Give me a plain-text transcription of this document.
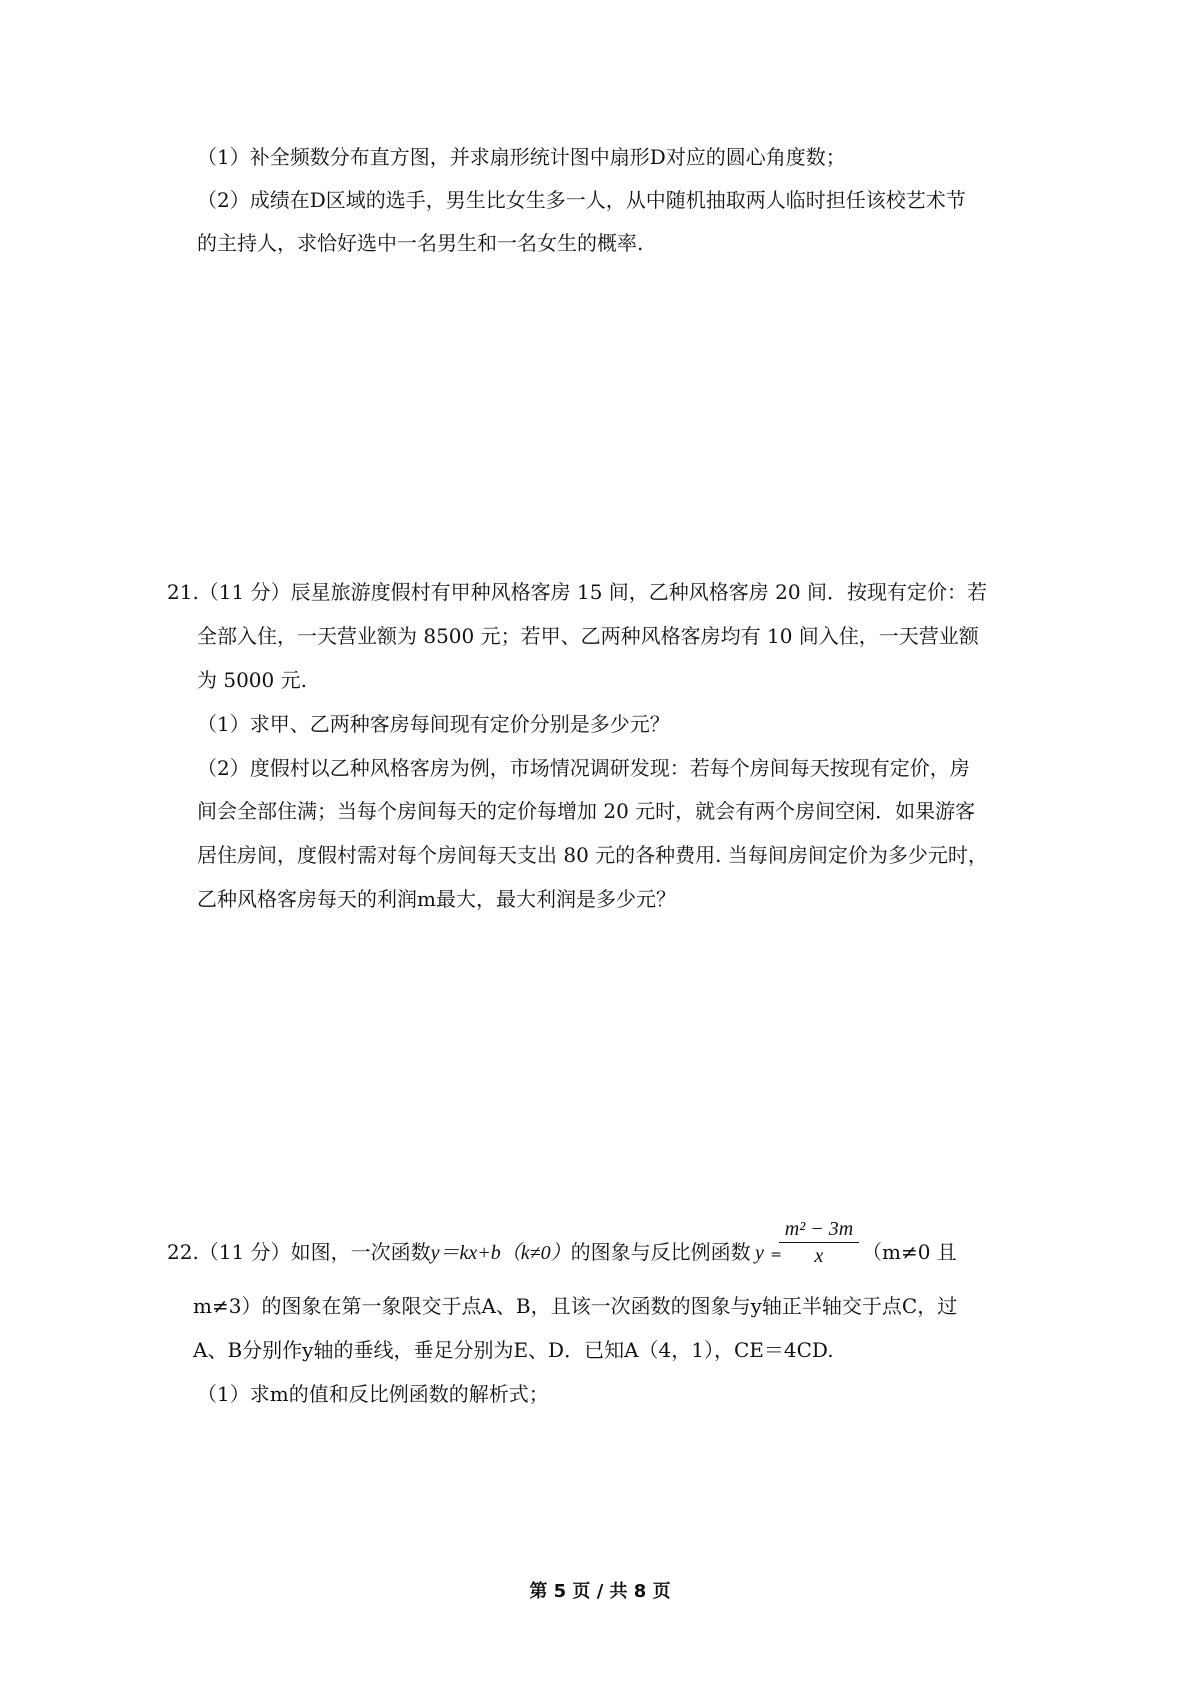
（1）补全频数分布直方图，并求扇形统计图中扇形D对应的圆心角度数；
（2）成绩在D区域的选手，男生比女生多一人，从中随机抽取两人临时担任该校艺术节
的主持人，求恰好选中一名男生和一名女生的概率.
21.（11 分）辰星旅游度假村有甲种风格客房 15 间，乙种风格客房 20 间．按现有定价：若
全部入住，一天营业额为 8500 元；若甲、乙两种风格客房均有 10 间入住，一天营业额
为 5000 元.
（1）求甲、乙两种客房每间现有定价分别是多少元？
（2）度假村以乙种风格客房为例，市场情况调研发现：若每个房间每天按现有定价，房
间会全部住满；当每个房间每天的定价每增加 20 元时，就会有两个房间空闲．如果游客
居住房间，度假村需对每个房间每天支出 80 元的各种费用. 当每间房间定价为多少元时，
乙种风格客房每天的利润m最大，最大利润是多少元？
22.（11 分）如图，一次函数y＝kx+b（k≠0）的图象与反比例函数 y =
$\frac{\text{m² − 3m}}{x} (m\ne 0$ 且
m≠3）的图象在第一象限交于点A、B，且该一次函数的图象与y轴正半轴交于点C，过
A、B分别作y轴的垂线，垂足分别为E、D．已知A（4，1），CE＝4CD.
（1）求m的值和反比例函数的解析式；
第 5 页 / 共 8 页
